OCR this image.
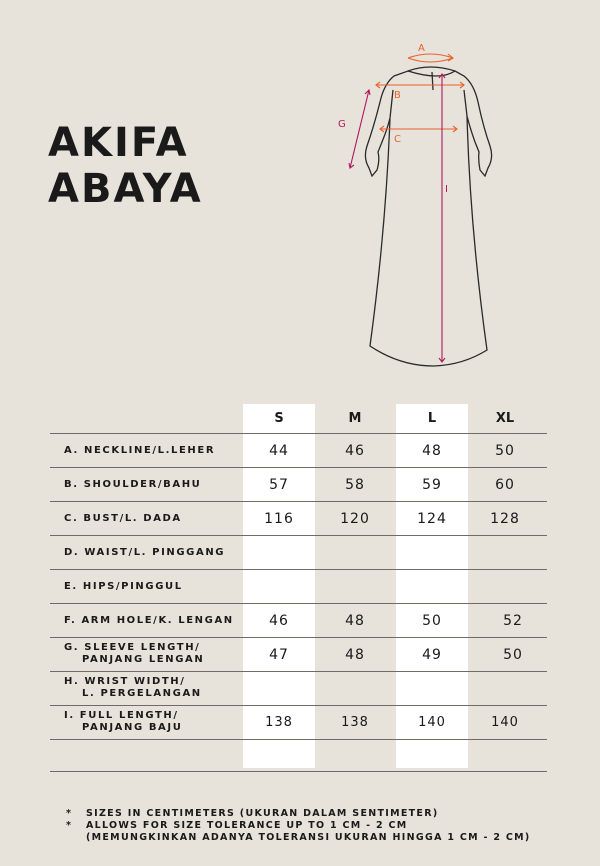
AKIFA
ABAYA
A
B
C
G
I
S	M	L	XL
A. NECKLINE/L.LEHER	44	46	48	50
B. SHOULDER/BAHU	57	58	59	60
C. BUST/L. DADA	116	120	124	128
D. WAIST/L. PINGGANG
E. HIPS/PINGGUL
F. ARM HOLE/K. LENGAN	46	48	50	52
G. SLEEVE LENGTH/
PANJANG LENGAN	47	48	49	50
H. WRIST WIDTH/
L. PERGELANGAN
I. FULL LENGTH/
PANJANG BAJU	138	138	140	140
* SIZES IN CENTIMETERS (UKURAN DALAM SENTIMETER)
* ALLOWS FOR SIZE TOLERANCE UP TO 1 CM - 2 CM
(MEMUNGKINKAN ADANYA TOLERANSI UKURAN HINGGA 1 CM - 2 CM)
